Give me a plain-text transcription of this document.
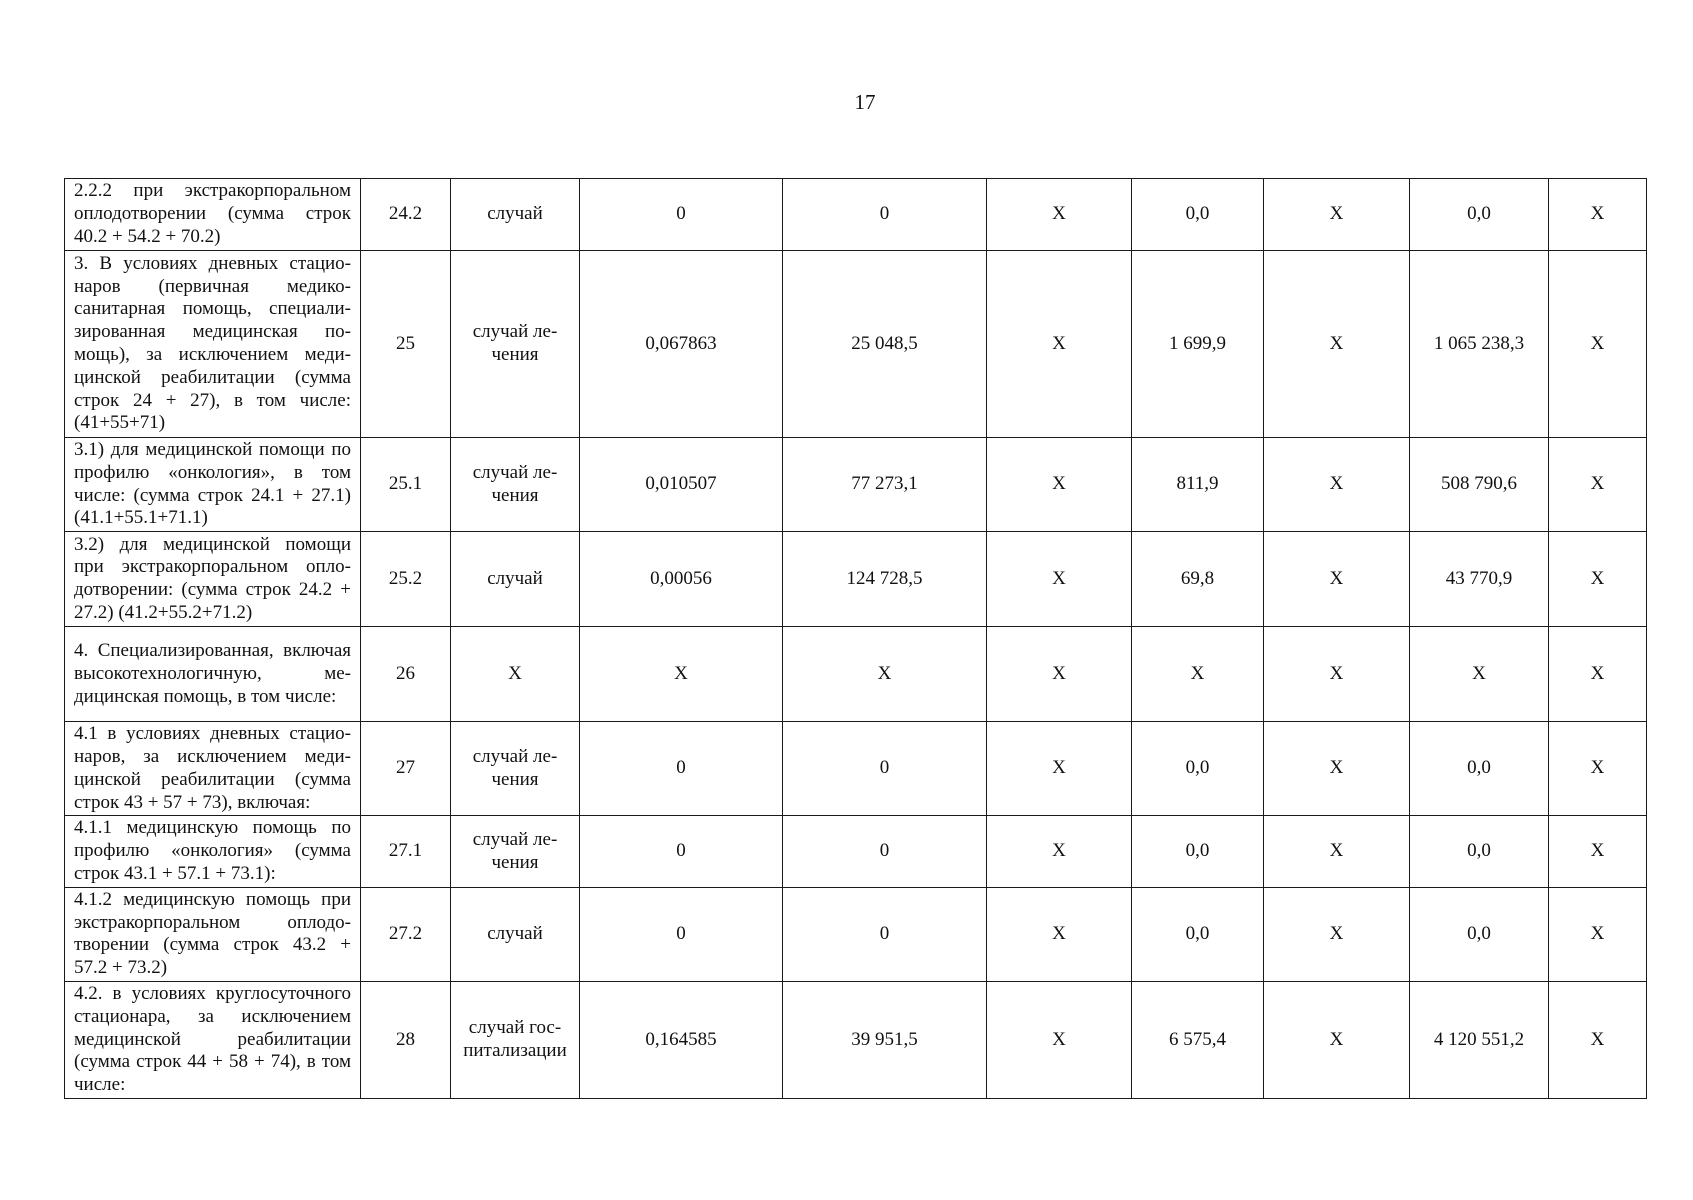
17
2.2.2 при экстракорпоральном оплодотворении (сумма строк 40.2 + 54.2 + 70.2)	24.2	случай	0	0	X	0,0	X	0,0	X
3. В условиях дневных стационаров (первичная медико-санитарная помощь, специализированная медицинская помощь), за исключением медицинской реабилитации (сумма строк 24 + 27), в том числе: (41+55+71)	25	случай лечения	0,067863	25 048,5	X	1 699,9	X	1 065 238,3	X
3.1) для медицинской помощи по профилю «онкология», в том числе: (сумма строк 24.1 + 27.1) (41.1+55.1+71.1)	25.1	случай лечения	0,010507	77 273,1	X	811,9	X	508 790,6	X
3.2) для медицинской помощи при экстракорпоральном оплодотворении: (сумма строк 24.2 + 27.2) (41.2+55.2+71.2)	25.2	случай	0,00056	124 728,5	X	69,8	X	43 770,9	X
4. Специализированная, включая высокотехнологичную, медицинская помощь, в том числе:	26	X	X	X	X	X	X	X	X
4.1 в условиях дневных стационаров, за исключением медицинской реабилитации (сумма строк 43 + 57 + 73), включая:	27	случай лечения	0	0	X	0,0	X	0,0	X
4.1.1 медицинскую помощь по профилю «онкология» (сумма строк 43.1 + 57.1 + 73.1):	27.1	случай лечения	0	0	X	0,0	X	0,0	X
4.1.2 медицинскую помощь при экстракорпоральном оплодотворении (сумма строк 43.2 + 57.2 + 73.2)	27.2	случай	0	0	X	0,0	X	0,0	X
4.2. в условиях круглосуточного стационара, за исключением медицинской реабилитации (сумма строк 44 + 58 + 74), в том числе:	28	случай госпитализации	0,164585	39 951,5	X	6 575,4	X	4 120 551,2	X
